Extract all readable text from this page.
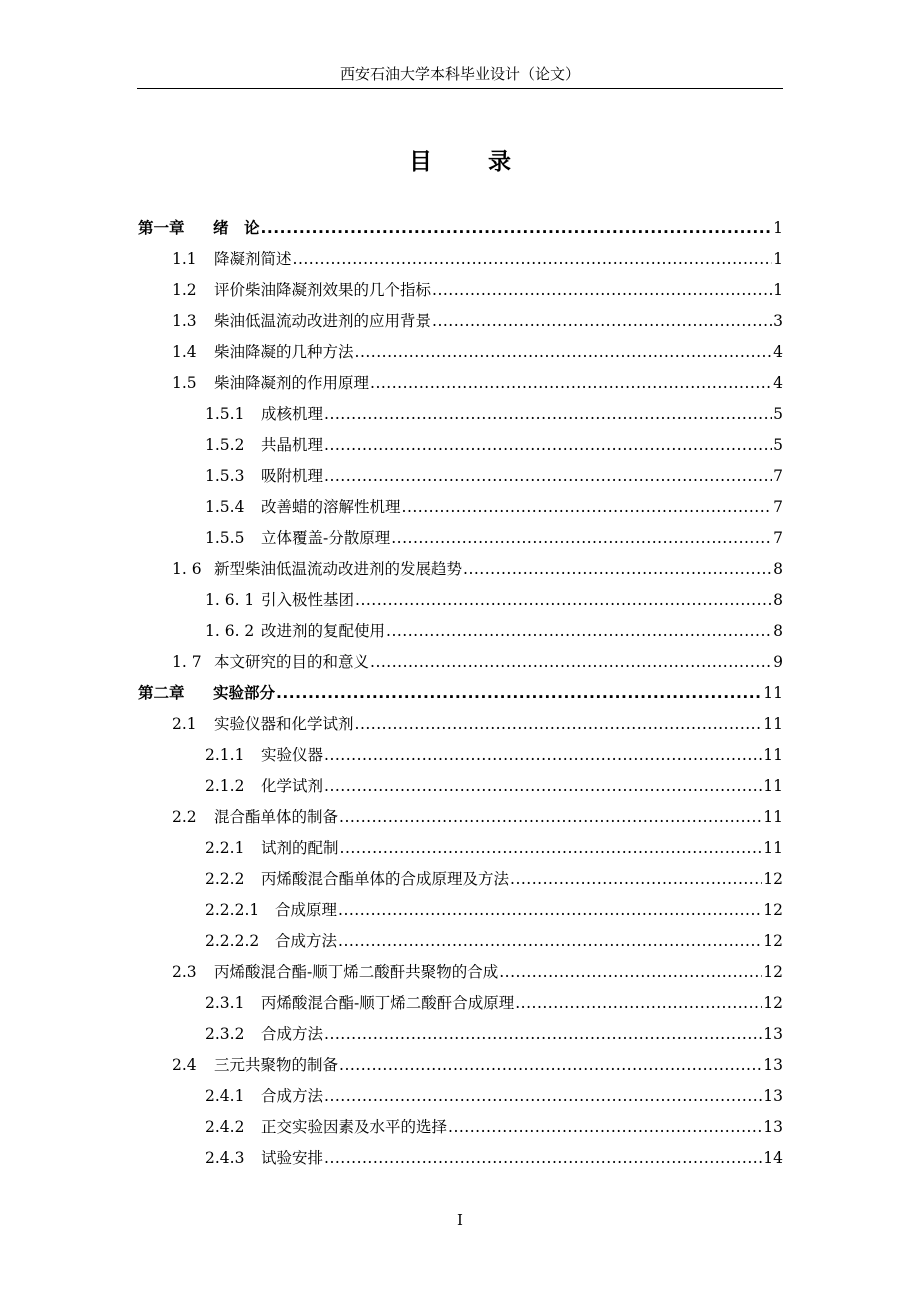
西安石油大学本科毕业设计（论文）
目 录
第一章	绪　论 .....	1
1.1	降凝剂简述 .....	1
1.2	评价柴油降凝剂效果的几个指标 .....	1
1.3	柴油低温流动改进剂的应用背景 .....	3
1.4	柴油降凝的几种方法 .....	4
1.5	柴油降凝剂的作用原理 .....	4
1.5.1	成核机理 .....	5
1.5.2	共晶机理 .....	5
1.5.3	吸附机理 .....	7
1.5.4	改善蜡的溶解性机理 .....	7
1.5.5	立体覆盖-分散原理 .....	7
1. 6 新型柴油低温流动改进剂的发展趋势 .....	8
1. 6. 1 引入极性基团 .....	8
1. 6. 2 改进剂的复配使用 .....	8
1. 7 本文研究的目的和意义 .....	9
第二章	实验部分 .....	11
2.1	实验仪器和化学试剂 .....	11
2.1.1	实验仪器 .....	11
2.1.2	化学试剂 .....	11
2.2	混合酯单体的制备 .....	11
2.2.1	试剂的配制 .....	11
2.2.2	丙烯酸混合酯单体的合成原理及方法 .....	12
2.2.2.1	合成原理 .....	12
2.2.2.2	合成方法 .....	12
2.3	丙烯酸混合酯-顺丁烯二酸酐共聚物的合成 .....	12
2.3.1	丙烯酸混合酯-顺丁烯二酸酐合成原理 .....	12
2.3.2	合成方法 .....	13
2.4	三元共聚物的制备 .....	13
2.4.1	合成方法 .....	13
2.4.2	正交实验因素及水平的选择 .....	13
2.4.3	试验安排 .....	14
I
